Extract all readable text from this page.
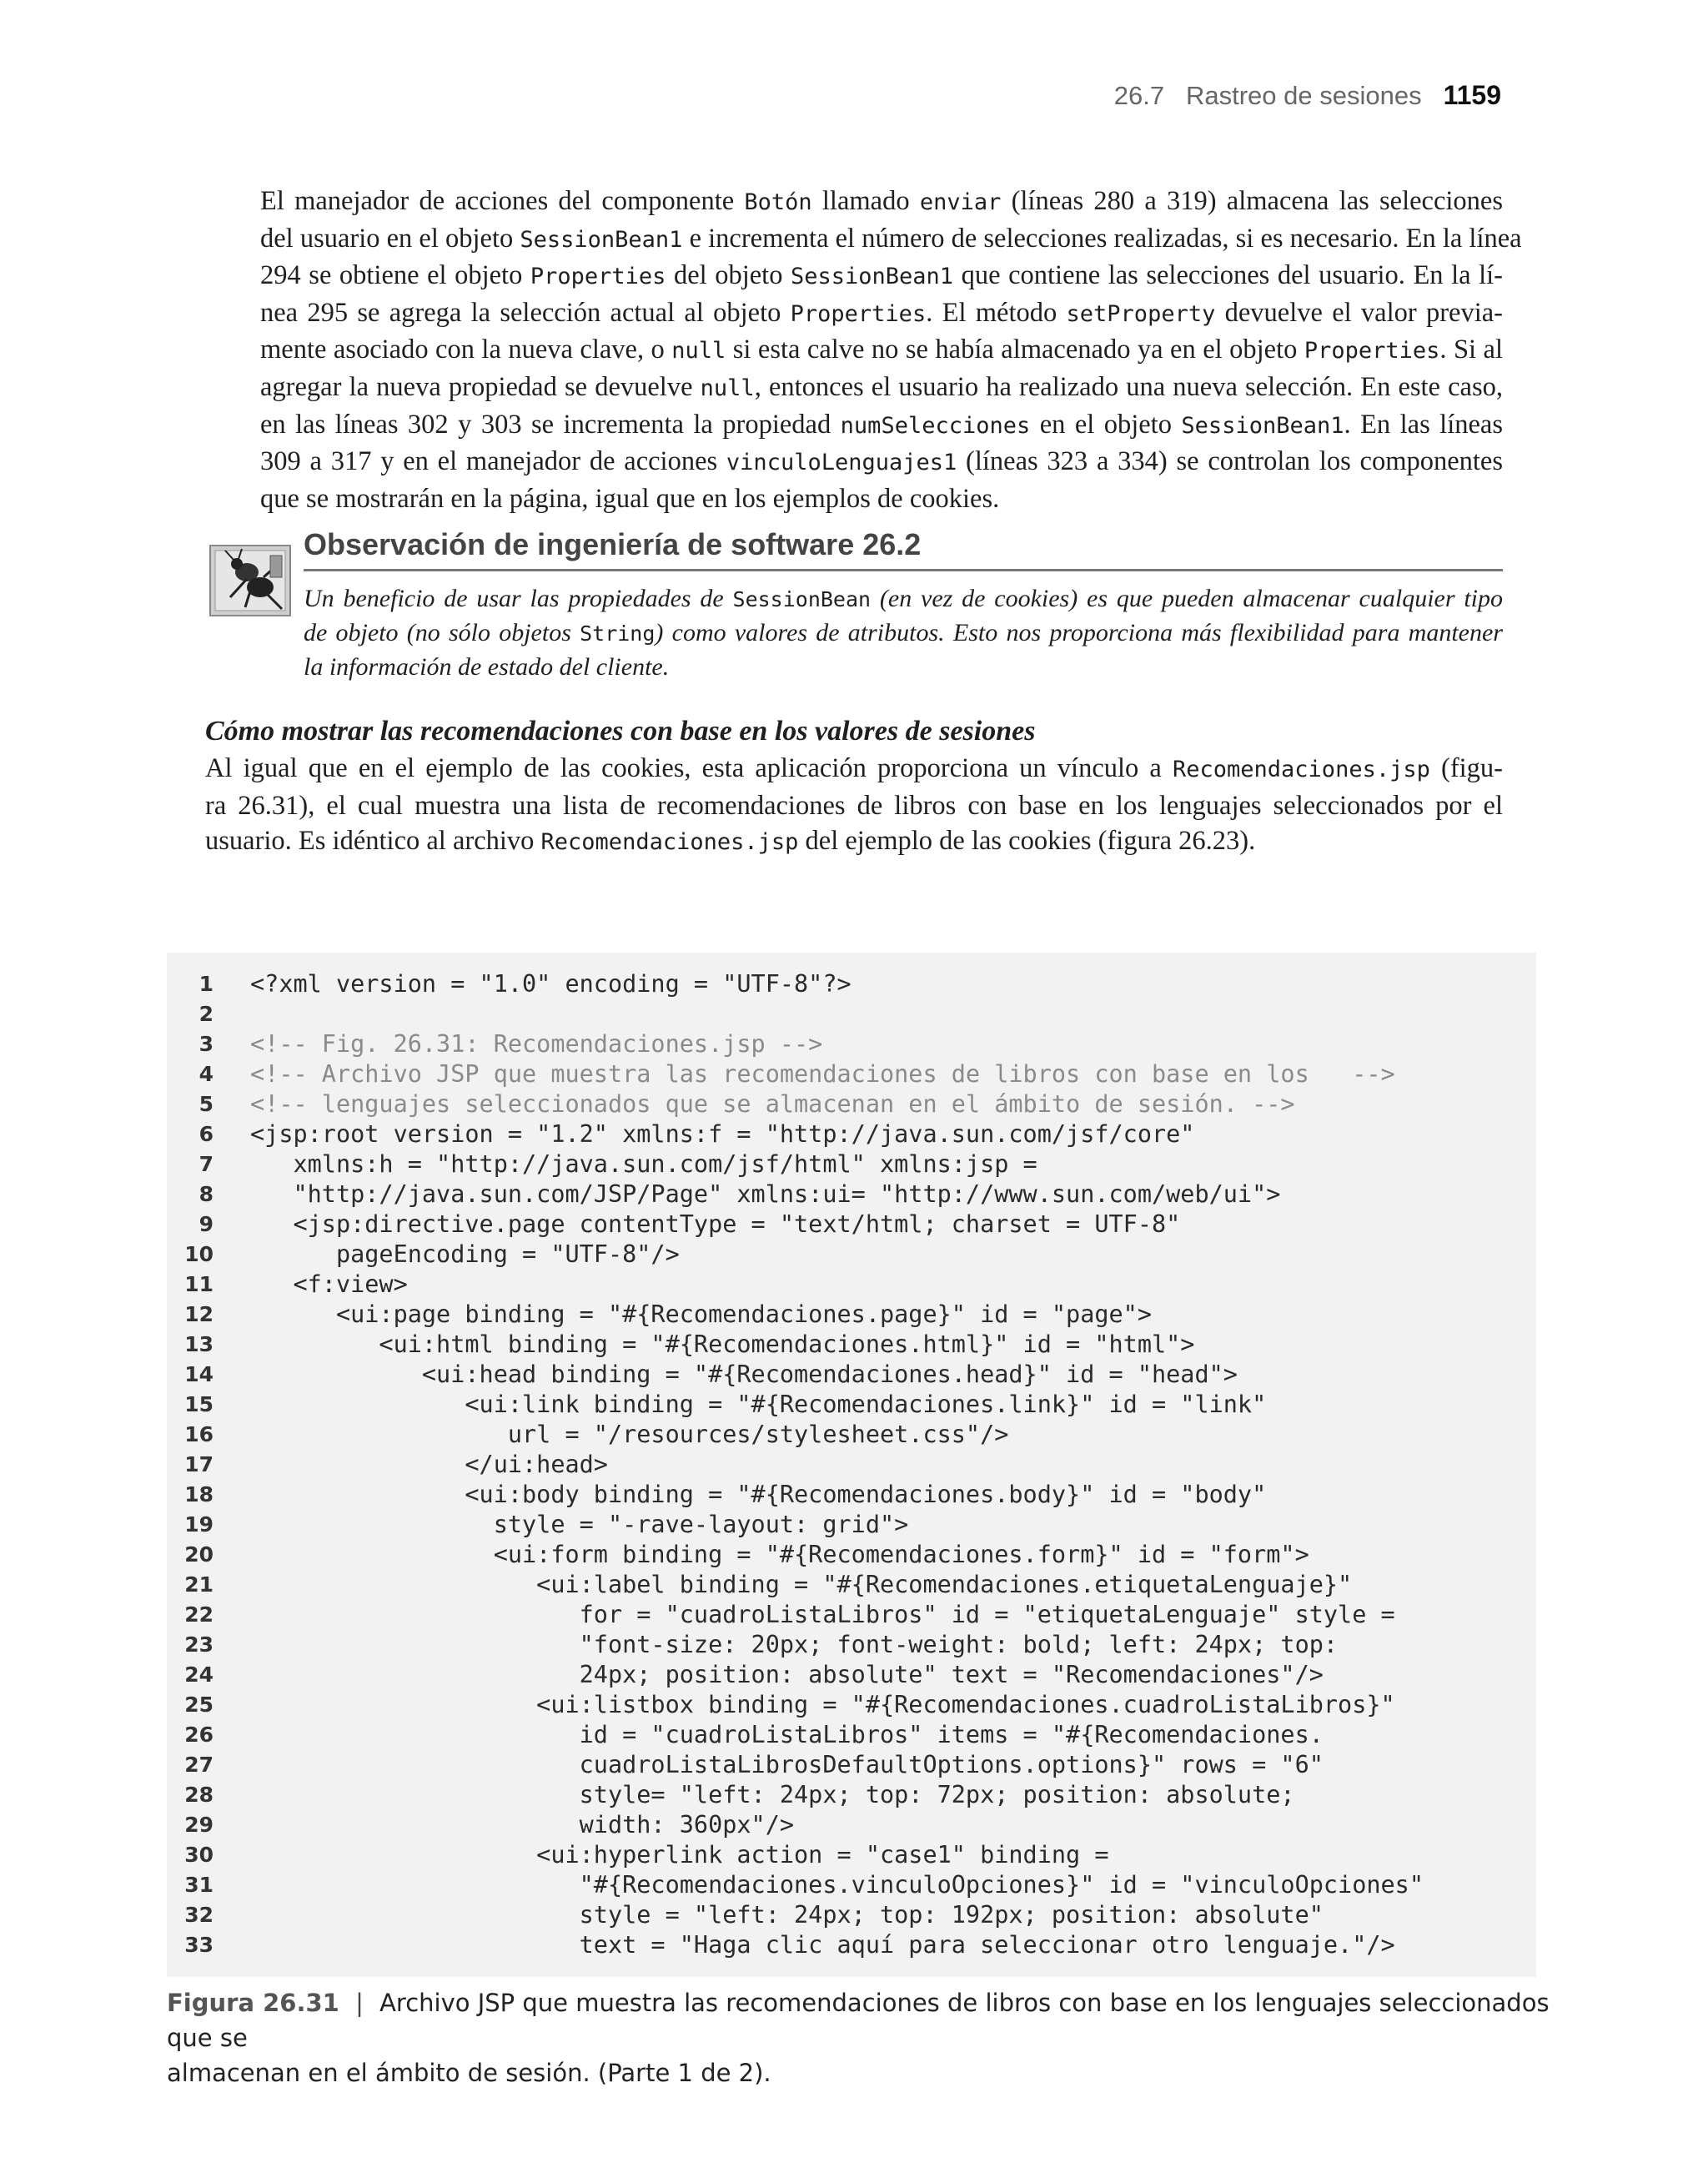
26.7   Rastreo de sesiones 1159

El manejador de acciones del componente Botón llamado enviar (líneas 280 a 319) almacena las selecciones
del usuario en el objeto SessionBean1 e incrementa el número de selecciones realizadas, si es necesario. En la línea
294 se obtiene el objeto Properties del objeto SessionBean1 que contiene las selecciones del usuario. En la lí-
nea 295 se agrega la selección actual al objeto Properties. El método setProperty devuelve el valor previa-
mente asociado con la nueva clave, o null si esta calve no se había almacenado ya en el objeto Properties. Si al
agregar la nueva propiedad se devuelve null, entonces el usuario ha realizado una nueva selección. En este caso,
en las líneas 302 y 303 se incrementa la propiedad numSelecciones en el objeto SessionBean1. En las líneas
309 a 317 y en el manejador de acciones vinculoLenguajes1 (líneas 323 a 334) se controlan los componentes
que se mostrarán en la página, igual que en los ejemplos de cookies.

Observación de ingeniería de software 26.2

Un beneficio de usar las propiedades de SessionBean (en vez de cookies) es que pueden almacenar cualquier tipo
de objeto (no sólo objetos String) como valores de atributos. Esto nos proporciona más flexibilidad para mantener
la información de estado del cliente.

Cómo mostrar las recomendaciones con base en los valores de sesiones

Al igual que en el ejemplo de las cookies, esta aplicación proporciona un vínculo a Recomendaciones.jsp (figu-
ra 26.31), el cual muestra una lista de recomendaciones de libros con base en los lenguajes seleccionados por el
usuario. Es idéntico al archivo Recomendaciones.jsp del ejemplo de las cookies (figura 26.23).

1 <?xml version = "1.0" encoding = "UTF-8"?>
2
3 <!-- Fig. 26.31: Recomendaciones.jsp -->
4 <!-- Archivo JSP que muestra las recomendaciones de libros con base en los   -->
5 <!-- lenguajes seleccionados que se almacenan en el ámbito de sesión. -->
6 <jsp:root version = "1.2" xmlns:f = "http://java.sun.com/jsf/core"
7 xmlns:h = "http://java.sun.com/jsf/html" xmlns:jsp =
8 "http://java.sun.com/JSP/Page" xmlns:ui= "http://www.sun.com/web/ui">
9 <jsp:directive.page contentType = "text/html; charset = UTF-8"
10 pageEncoding = "UTF-8"/>
11 <f:view>
12 <ui:page binding = "#{Recomendaciones.page}" id = "page">
13 <ui:html binding = "#{Recomendaciones.html}" id = "html">
14 <ui:head binding = "#{Recomendaciones.head}" id = "head">
15 <ui:link binding = "#{Recomendaciones.link}" id = "link"
16 url = "/resources/stylesheet.css"/>
17 </ui:head>
18 <ui:body binding = "#{Recomendaciones.body}" id = "body"
19 style = "-rave-layout: grid">
20 <ui:form binding = "#{Recomendaciones.form}" id = "form">
21 <ui:label binding = "#{Recomendaciones.etiquetaLenguaje}"
22 for = "cuadroListaLibros" id = "etiquetaLenguaje" style =
23 "font-size: 20px; font-weight: bold; left: 24px; top:
24 24px; position: absolute" text = "Recomendaciones"/>
25 <ui:listbox binding = "#{Recomendaciones.cuadroListaLibros}"
26 id = "cuadroListaLibros" items = "#{Recomendaciones.
27 cuadroListaLibrosDefaultOptions.options}" rows = "6"
28 style= "left: 24px; top: 72px; position: absolute;
29 width: 360px"/>
30 <ui:hyperlink action = "case1" binding =
31 "#{Recomendaciones.vinculoOpciones}" id = "vinculoOpciones"
32 style = "left: 24px; top: 192px; position: absolute"
33 text = "Haga clic aquí para seleccionar otro lenguaje."/>
Figura 26.31 | Archivo JSP que muestra las recomendaciones de libros con base en los lenguajes seleccionados que se
almacenan en el ámbito de sesión. (Parte 1 de 2).
